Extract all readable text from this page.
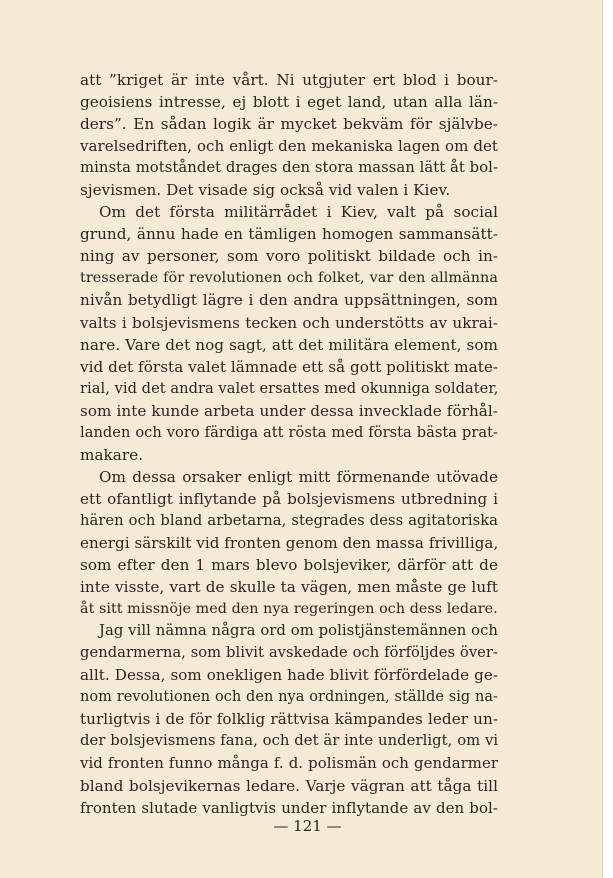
att ”kriget är inte vårt. Ni utgjuter ert blod i bour-
geoisiens intresse, ej blott i eget land, utan alla län-
ders”. En sådan logik är mycket bekväm för självbe-
varelsedriften, och enligt den mekaniska lagen om det
minsta motståndet drages den stora massan lätt åt bol-
sjevismen. Det visade sig också vid valen i Kiev.
Om det första militärrådet i Kiev, valt på social
grund, ännu hade en tämligen homogen sammansätt-
ning av personer, som voro politiskt bildade och in-
tresserade för revolutionen och folket, var den allmänna
nivån betydligt lägre i den andra uppsättningen, som
valts i bolsjevismens tecken och understötts av ukrai-
nare. Vare det nog sagt, att det militära element, som
vid det första valet lämnade ett så gott politiskt mate-
rial, vid det andra valet ersattes med okunniga soldater,
som inte kunde arbeta under dessa invecklade förhål-
landen och voro färdiga att rösta med första bästa prat-
makare.
Om dessa orsaker enligt mitt förmenande utövade
ett ofantligt inflytande på bolsjevismens utbredning i
hären och bland arbetarna, stegrades dess agitatoriska
energi särskilt vid fronten genom den massa frivilliga,
som efter den 1 mars blevo bolsjeviker, därför att de
inte visste, vart de skulle ta vägen, men måste ge luft
åt sitt missnöje med den nya regeringen och dess ledare.
Jag vill nämna några ord om polistjänstemännen och
gendarmerna, som blivit avskedade och förföljdes över-
allt. Dessa, som onekligen hade blivit förfördelade ge-
nom revolutionen och den nya ordningen, ställde sig na-
turligtvis i de för folklig rättvisa kämpandes leder un-
der bolsjevismens fana, och det är inte underligt, om vi
vid fronten funno många f. d. polismän och gendarmer
bland bolsjevikernas ledare. Varje vägran att tåga till
fronten slutade vanligtvis under inflytande av den bol-
— 121 —
